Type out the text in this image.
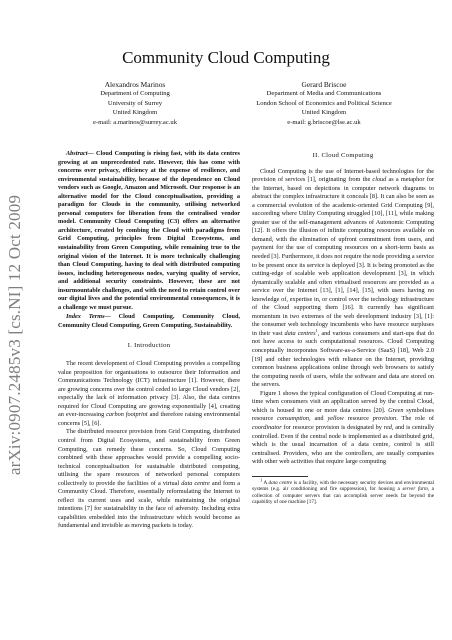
arXiv:0907.2485v3 [cs.NI] 12 Oct 2009
Community Cloud Computing
Alexandros Marinos
Department of Computing
University of Surrey
United Kingdom
e-mail: a.marinos@surrey.ac.uk
Gerard Briscoe
Department of Media and Communications
London School of Economics and Political Science
United Kingdom
e-mail: g.briscoe@lse.ac.uk

Abstract— Cloud Computing is rising fast, with its data centres growing at an unprecedented rate. However, this has come with concerns over privacy, efficiency at the expense of resilience, and environmental sustainability, because of the dependence on Cloud vendors such as Google, Amazon and Microsoft. Our response is an alternative model for the Cloud conceptualisation, providing a paradigm for Clouds in the community, utilising networked personal computers for liberation from the centralised vendor model. Community Cloud Computing (C3) offers an alternative architecture, created by combing the Cloud with paradigms from Grid Computing, principles from Digital Ecosystems, and sustainability from Green Computing, while remaining true to the original vision of the Internet. It is more technically challenging than Cloud Computing, having to deal with distributed computing issues, including heterogeneous nodes, varying quality of service, and additional security constraints. However, these are not insurmountable challenges, and with the need to retain control over our digital lives and the potential environmental consequences, it is a challenge we must pursue.

Index Terms— Cloud Computing, Community Cloud, Community Cloud Computing, Green Computing, Sustainability.

I. Introduction

The recent development of Cloud Computing provides a compelling value proposition for organisations to outsource their Information and Communications Technology (ICT) infrastructure [1]. However, there are growing concerns over the control ceded to large Cloud vendors [2], especially the lack of information privacy [3]. Also, the data centres required for Cloud Computing are growing exponentially [4], creating an ever-increasing carbon footprint and therefore raising environmental concerns [5], [6].

The distributed resource provision from Grid Computing, distributed control from Digital Ecosystems, and sustainability from Green Computing, can remedy these concerns. So, Cloud Computing combined with these approaches would provide a compelling socio-technical conceptualisation for sustainable distributed computing, utilising the spare resources of networked personal computers collectively to provide the facilities of a virtual data centre and form a Community Cloud. Therefore, essentially reformulating the Internet to reflect its current uses and scale, while maintaining the original intentions [7] for sustainability in the face of adversity. Including extra capabilities embedded into the infrastructure which would become as fundamental and invisible as moving packets is today.

II. Cloud Computing

Cloud Computing is the use of Internet-based technologies for the provision of services [1], originating from the cloud as a metaphor for the Internet, based on depictions in computer network diagrams to abstract the complex infrastructure it conceals [8]. It can also be seen as a commercial evolution of the academic-oriented Grid Computing [9], succeeding where Utility Computing struggled [10], [11], while making greater use of the self-management advances of Autonomic Computing [12]. It offers the illusion of infinite computing resources available on demand, with the elimination of upfront commitment from users, and payment for the use of computing resources on a short-term basis as needed [3]. Furthermore, it does not require the node providing a service to be present once its service is deployed [3]. It is being promoted as the cutting-edge of scalable web application development [3], in which dynamically scalable and often virtualised resources are provided as a service over the Internet [13], [1], [14], [15], with users having no knowledge of, expertise in, or control over the technology infrastructure of the Cloud supporting them [16]. It currently has significant momentum in two extremes of the web development industry [3], [1]: the consumer web technology incumbents who have resource surpluses in their vast data centres$^1$, and various consumers and start-ups that do not have access to such computational resources. Cloud Computing conceptually incorporates Software-as-a-Service (SaaS) [18], Web 2.0 [19] and other technologies with reliance on the Internet, providing common business applications online through web browsers to satisfy the computing needs of users, while the software and data are stored on the servers.

Figure 1 shows the typical configuration of Cloud Computing at run-time when consumers visit an application served by the central Cloud, which is housed in one or more data centres [20]. Green symbolises resource consumption, and yellow resource provision. The role of coordinator for resource provision is designated by red, and is centrally controlled. Even if the central node is implemented as a distributed grid, which is the usual incarnation of a data centre, control is still centralised. Providers, who are the controllers, are usually companies with other web activities that require large computing

$^1$ A data centre is a facility, with the necessary security devices and environmental systems (e.g. air conditioning and fire suppression), for housing a server farm, a collection of computer servers that can accomplish server needs far beyond the capability of one machine [17].
